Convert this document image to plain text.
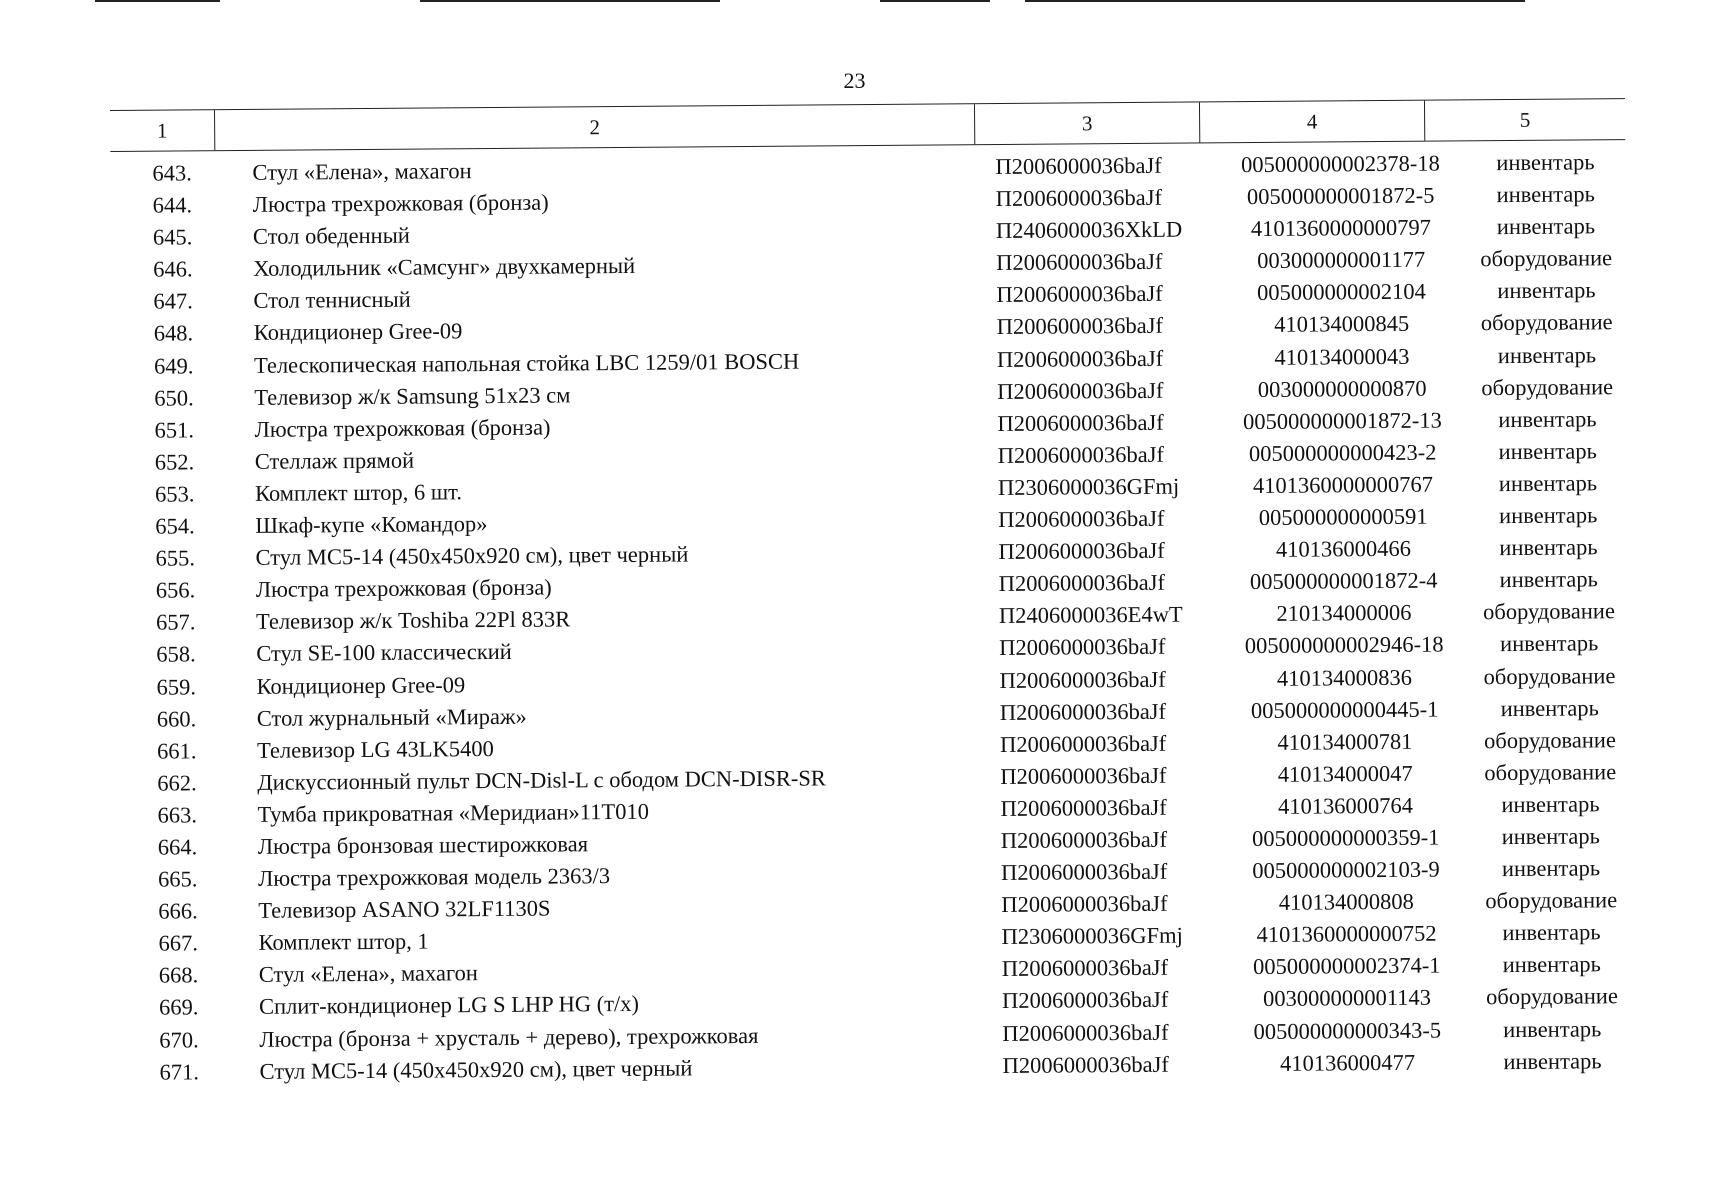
23
1	2	3	4	5
643.	Стул «Елена», махагон	П2006000036baJf	005000000002378-18	инвентарь
644.	Люстра трехрожковая (бронза)	П2006000036baJf	005000000001872-5	инвентарь
645.	Стол обеденный	П2406000036XkLD	4101360000000797	инвентарь
646.	Холодильник «Самсунг» двухкамерный	П2006000036baJf	003000000001177	оборудование
647.	Стол теннисный	П2006000036baJf	005000000002104	инвентарь
648.	Кондиционер Gree-09	П2006000036baJf	410134000845	оборудование
649.	Телескопическая напольная стойка LBC 1259/01 BOSCH	П2006000036baJf	410134000043	инвентарь
650.	Телевизор ж/к Samsung 51x23 см	П2006000036baJf	003000000000870	оборудование
651.	Люстра трехрожковая (бронза)	П2006000036baJf	005000000001872-13	инвентарь
652.	Стеллаж прямой	П2006000036baJf	005000000000423-2	инвентарь
653.	Комплект штор, 6 шт.	П2306000036GFmj	4101360000000767	инвентарь
654.	Шкаф-купе «Командор»	П2006000036baJf	005000000000591	инвентарь
655.	Стул MC5-14 (450x450x920 см), цвет черный	П2006000036baJf	410136000466	инвентарь
656.	Люстра трехрожковая (бронза)	П2006000036baJf	005000000001872-4	инвентарь
657.	Телевизор ж/к Toshiba 22Pl 833R	П2406000036E4wT	210134000006	оборудование
658.	Стул SE-100 классический	П2006000036baJf	005000000002946-18	инвентарь
659.	Кондиционер Gree-09	П2006000036baJf	410134000836	оборудование
660.	Стол журнальный «Мираж»	П2006000036baJf	005000000000445-1	инвентарь
661.	Телевизор LG 43LK5400	П2006000036baJf	410134000781	оборудование
662.	Дискуссионный пульт DCN-Disl-L с ободом DCN-DISR-SR	П2006000036baJf	410134000047	оборудование
663.	Тумба прикроватная «Меридиан»11Т010	П2006000036baJf	410136000764	инвентарь
664.	Люстра бронзовая шестирожковая	П2006000036baJf	005000000000359-1	инвентарь
665.	Люстра трехрожковая модель 2363/3	П2006000036baJf	005000000002103-9	инвентарь
666.	Телевизор ASANO 32LF1130S	П2006000036baJf	410134000808	оборудование
667.	Комплект штор, 1	П2306000036GFmj	4101360000000752	инвентарь
668.	Стул «Елена», махагон	П2006000036baJf	005000000002374-1	инвентарь
669.	Сплит-кондиционер LG S LHP HG (т/х)	П2006000036baJf	003000000001143	оборудование
670.	Люстра (бронза + хрусталь + дерево), трехрожковая	П2006000036baJf	005000000000343-5	инвентарь
671.	Стул MC5-14 (450x450x920 см), цвет черный	П2006000036baJf	410136000477	инвентарь
